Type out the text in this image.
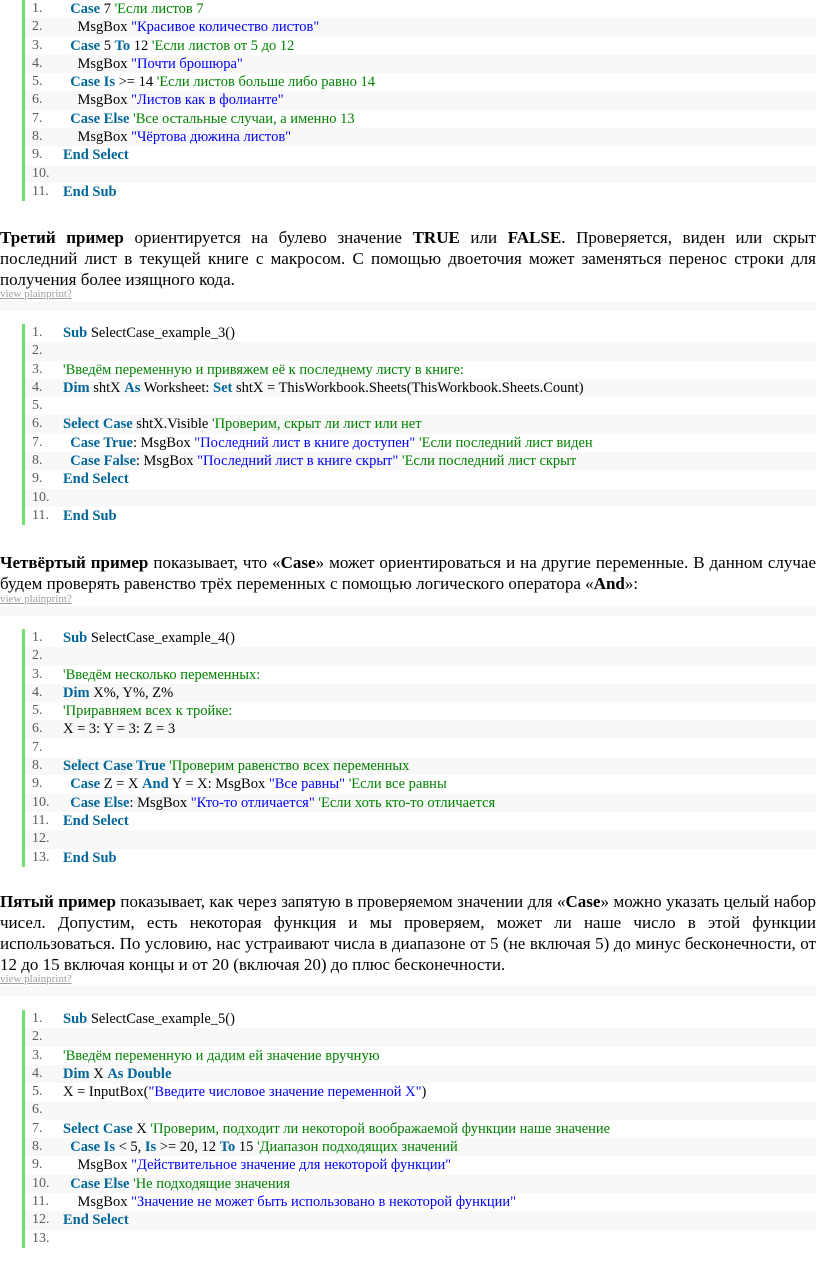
1.	Case 7 'Если листов 7
2.	MsgBox "Красивое количество листов"
3.	Case 5 To 12 'Если листов от 5 до 12
4.	MsgBox "Почти брошюра"
5.	Case Is >= 14 'Если листов больше либо равно 14
6.	MsgBox "Листов как в фолианте"
7.	Case Else 'Все остальные случаи, а именно 13
8.	MsgBox "Чёртова дюжина листов"
9.	End Select
10.
11. End Sub
Третий пример ориентируется на булево значение TRUE или FALSE. Проверяется, виден или скрыт последний лист в текущей книге с макросом. С помощью двоеточия может заменяться перенос строки для получения более изящного кода.
view plainprint?
1.	Sub SelectCase_example_3()
2.
3.	'Введём переменную и привяжем её к последнему листу в книге:
4.	Dim shtX As Worksheet: Set shtX = ThisWorkbook.Sheets(ThisWorkbook.Sheets.Count)
5.
6.	Select Case shtX.Visible 'Проверим, скрыт ли лист или нет
7.	Case True: MsgBox "Последний лист в книге доступен" 'Если последний лист виден
8.	Case False: MsgBox "Последний лист в книге скрыт" 'Если последний лист скрыт
9.	End Select
10.
11. End Sub
Четвёртый пример показывает, что «Case» может ориентироваться и на другие переменные. В данном случае будем проверять равенство трёх переменных с помощью логического оператора «And»:
view plainprint?
1.	Sub SelectCase_example_4()
2.
3.	'Введём несколько переменных:
4.	Dim X%, Y%, Z%
5.	'Приравняем всех к тройке:
6.	X = 3: Y = 3: Z = 3
7.
8.	Select Case True 'Проверим равенство всех переменных
9.	Case Z = X And Y = X: MsgBox "Все равны" 'Если все равны
10.	Case Else: MsgBox "Кто-то отличается" 'Если хоть кто-то отличается
11. End Select
12.
13. End Sub
Пятый пример показывает, как через запятую в проверяемом значении для «Case» можно указать целый набор чисел. Допустим, есть некоторая функция и мы проверяем, может ли наше число в этой функции использоваться. По условию, нас устраивают числа в диапазоне от 5 (не включая 5) до минус бесконечности, от 12 до 15 включая концы и от 20 (включая 20) до плюс бесконечности.
view plainprint?
1.	Sub SelectCase_example_5()
2.
3.	'Введём переменную и дадим ей значение вручную
4.	Dim X As Double
5.	X = InputBox("Введите числовое значение переменной X")
6.
7.	Select Case X 'Проверим, подходит ли некоторой воображаемой функции наше значение
8.	Case Is < 5, Is >= 20, 12 To 15 'Диапазон подходящих значений
9.	MsgBox "Действительное значение для некоторой функции"
10.	Case Else 'Не подходящие значения
11. MsgBox "Значение не может быть использовано в некоторой функции"
12. End Select
13.
